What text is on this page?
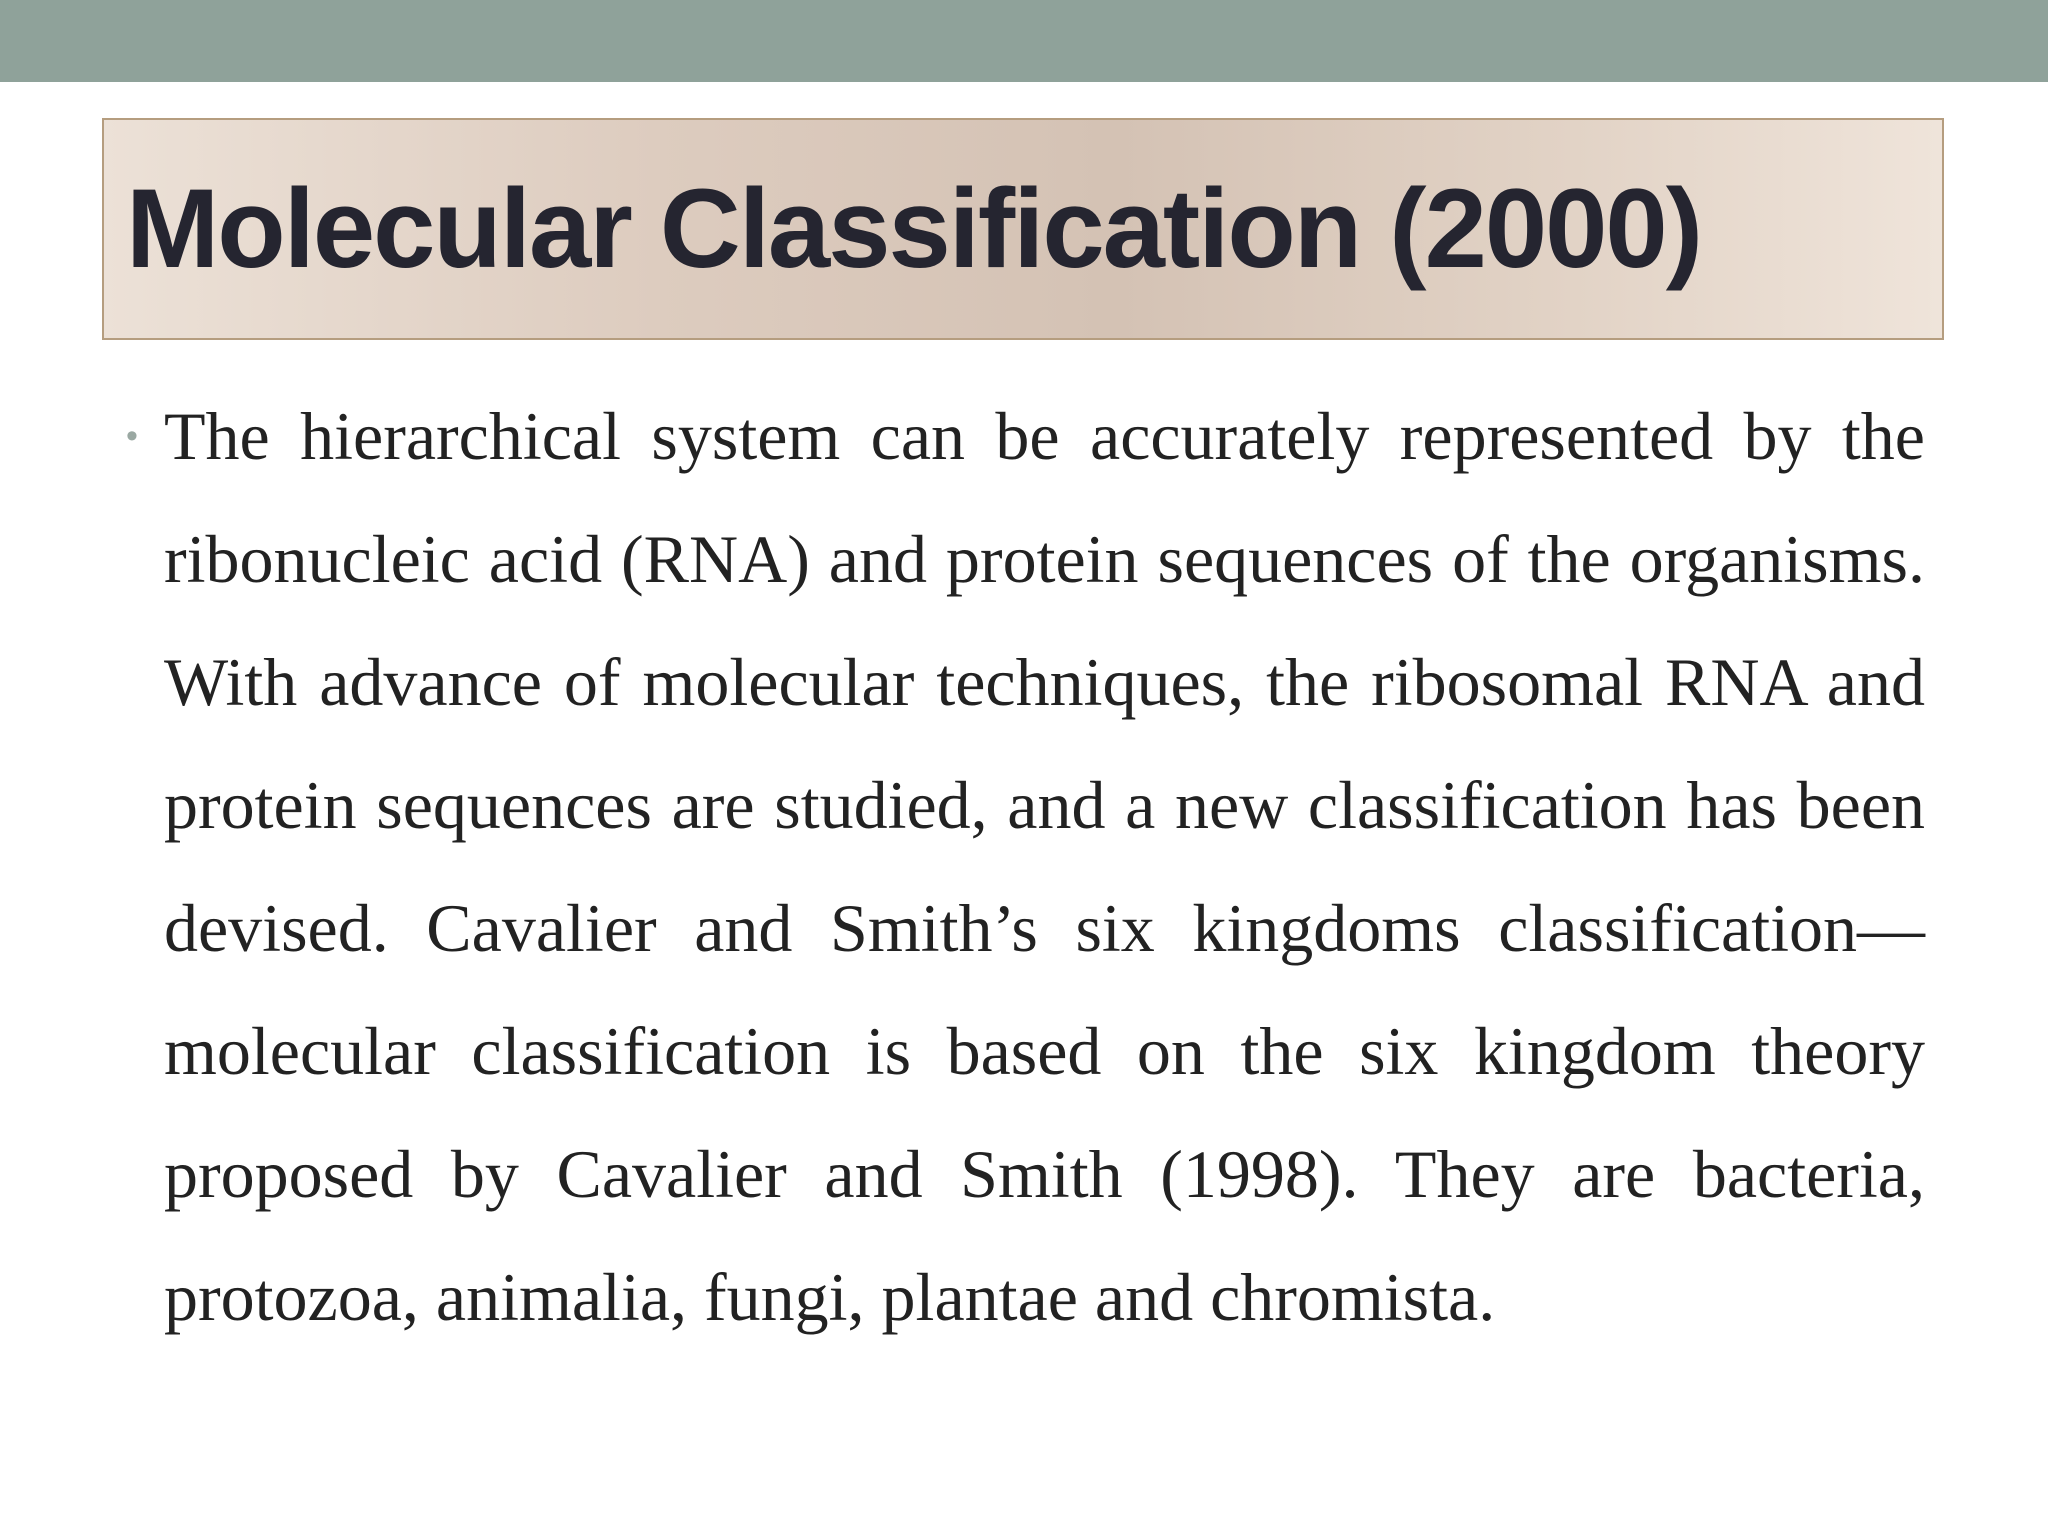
Molecular Classification (2000)
• The hierarchical system can be accurately represented by the ribonucleic acid (RNA) and protein sequences of the organisms. With advance of molecular techniques, the ribosomal RNA and protein sequences are studied, and a new classification has been devised. Cavalier and Smith’s six kingdoms classification—molecular classification is based on the six kingdom theory proposed by Cavalier and Smith (1998). They are bacteria, protozoa, animalia, fungi, plantae and chromista.
